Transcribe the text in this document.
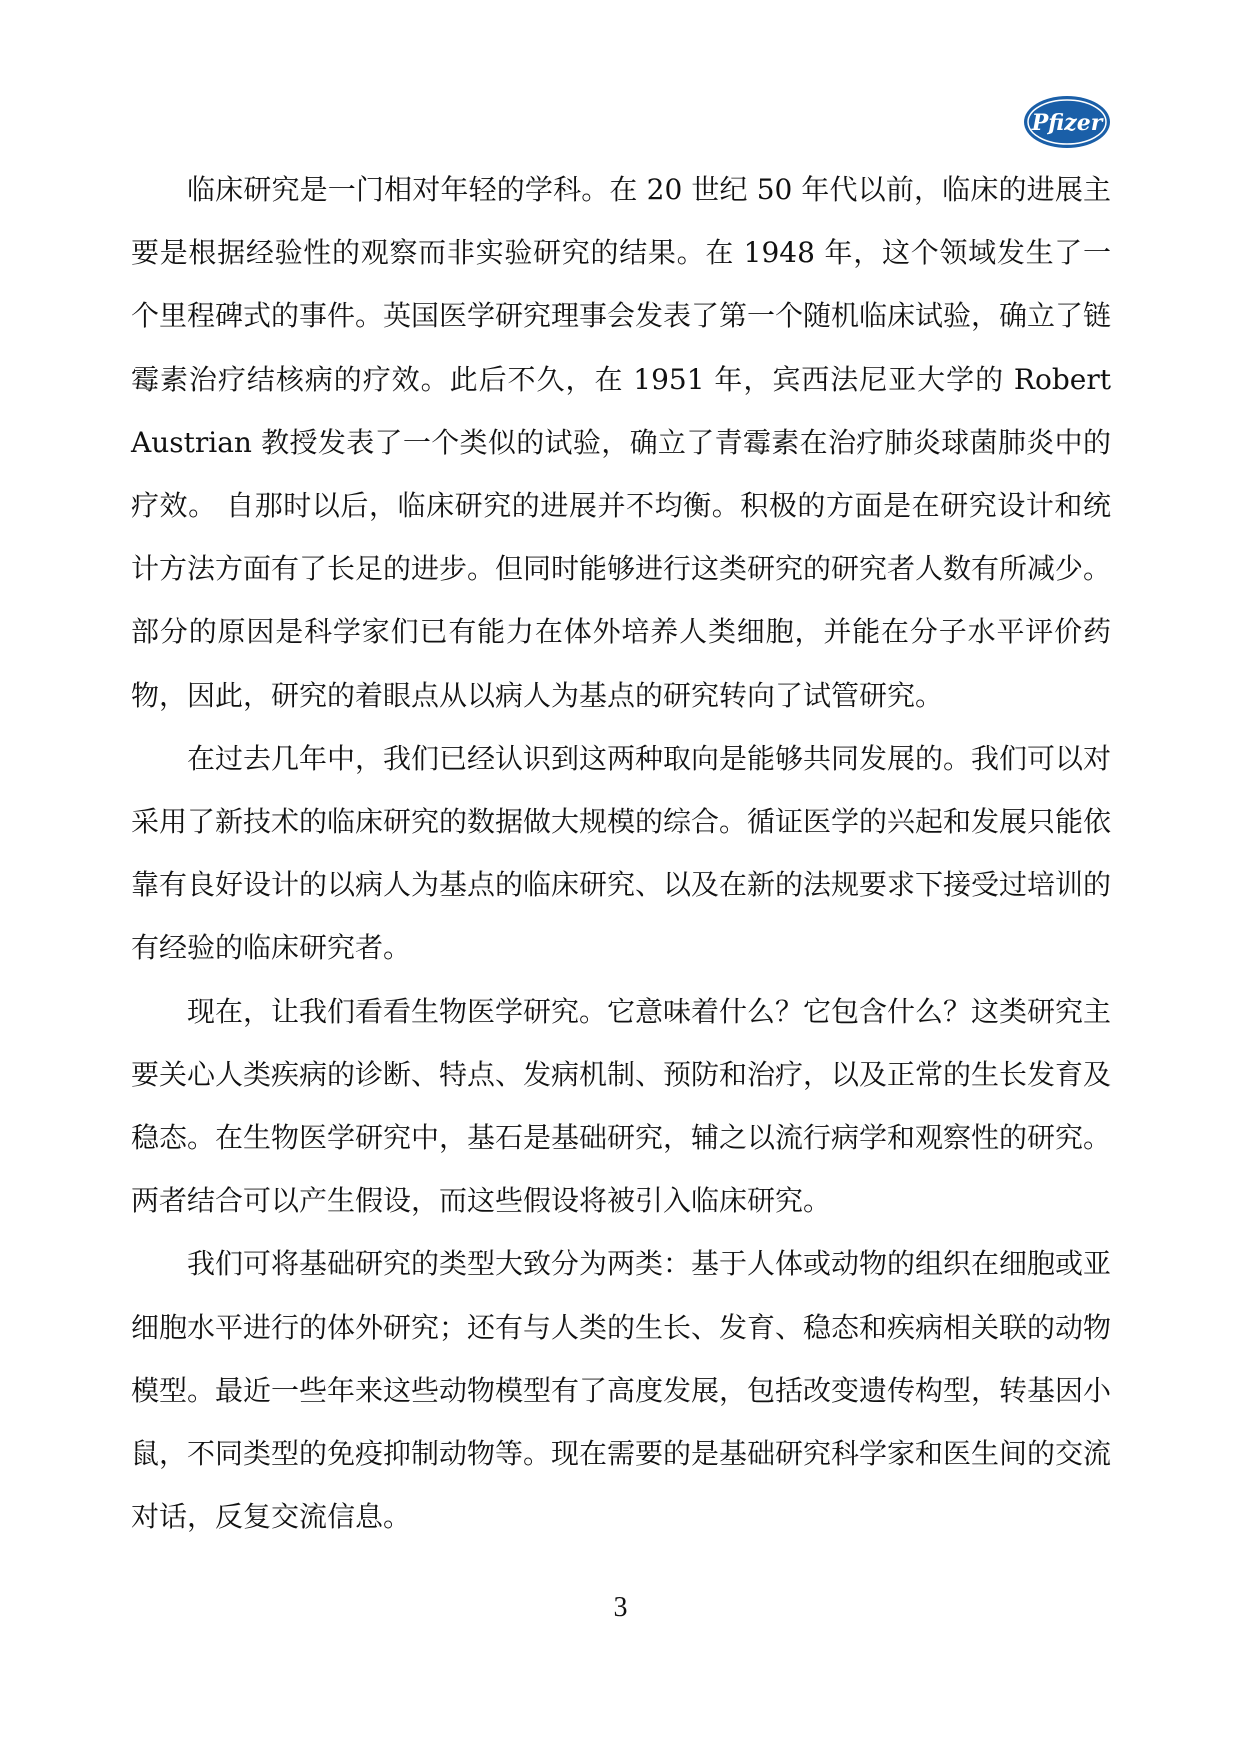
Pfizer

临床研究是一门相对年轻的学科。在 20 世纪 50 年代以前，临床的进展主要是根据经验性的观察而非实验研究的结果。在 1948 年，这个领域发生了一个里程碑式的事件。英国医学研究理事会发表了第一个随机临床试验，确立了链霉素治疗结核病的疗效。此后不久，在 1951 年，宾西法尼亚大学的 Robert Austrian 教授发表了一个类似的试验，确立了青霉素在治疗肺炎球菌肺炎中的疗效。 自那时以后，临床研究的进展并不均衡。积极的方面是在研究设计和统计方法方面有了长足的进步。但同时能够进行这类研究的研究者人数有所减少。部分的原因是科学家们已有能力在体外培养人类细胞，并能在分子水平评价药物，因此，研究的着眼点从以病人为基点的研究转向了试管研究。

在过去几年中，我们已经认识到这两种取向是能够共同发展的。我们可以对采用了新技术的临床研究的数据做大规模的综合。循证医学的兴起和发展只能依靠有良好设计的以病人为基点的临床研究、以及在新的法规要求下接受过培训的有经验的临床研究者。

现在，让我们看看生物医学研究。它意味着什么？它包含什么？这类研究主要关心人类疾病的诊断、特点、发病机制、预防和治疗，以及正常的生长发育及稳态。在生物医学研究中，基石是基础研究，辅之以流行病学和观察性的研究。两者结合可以产生假设，而这些假设将被引入临床研究。

我们可将基础研究的类型大致分为两类：基于人体或动物的组织在细胞或亚细胞水平进行的体外研究；还有与人类的生长、发育、稳态和疾病相关联的动物模型。最近一些年来这些动物模型有了高度发展，包括改变遗传构型，转基因小鼠，不同类型的免疫抑制动物等。现在需要的是基础研究科学家和医生间的交流对话，反复交流信息。

3
